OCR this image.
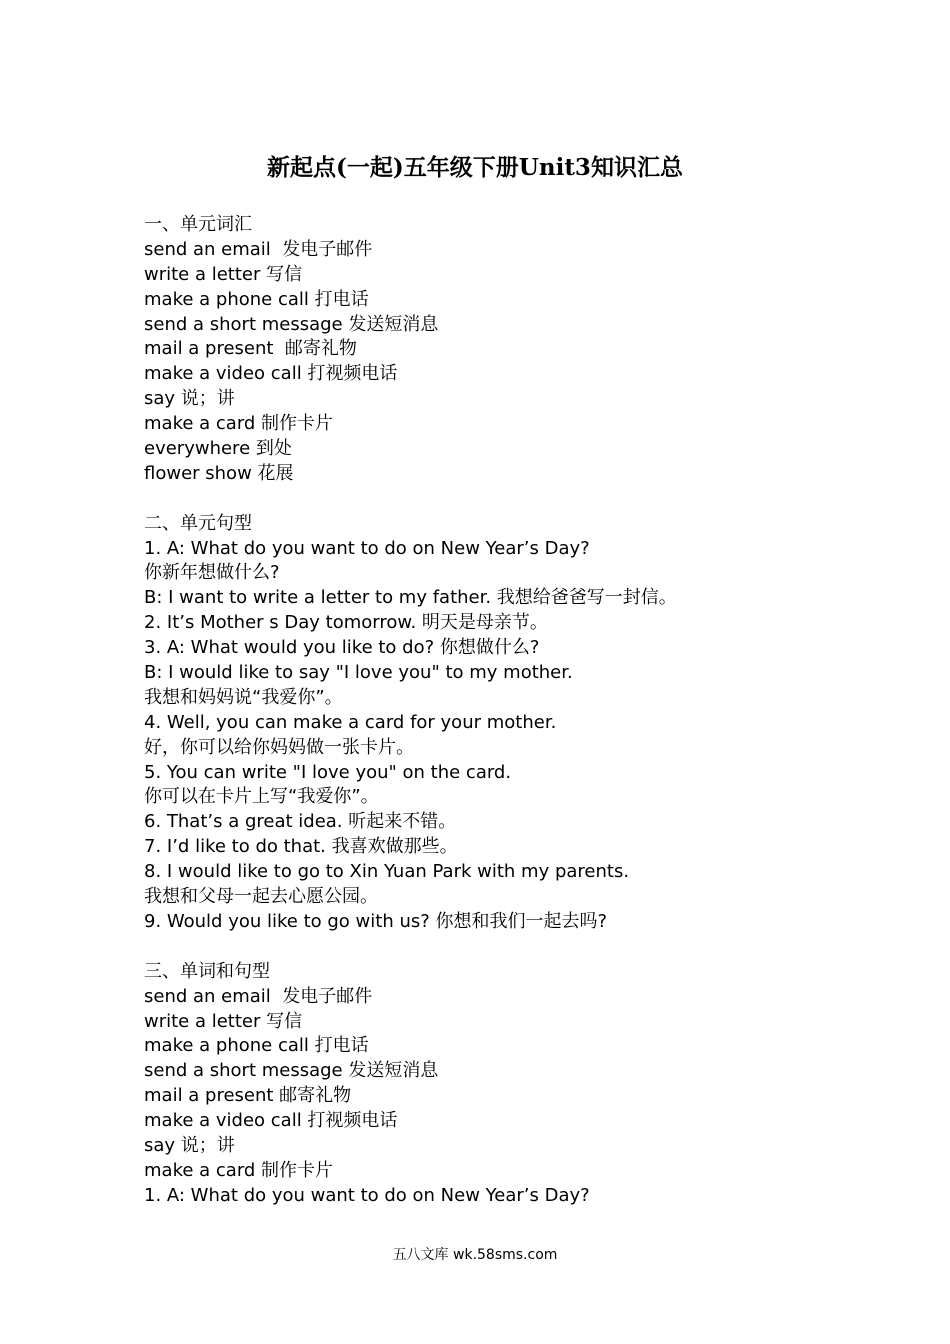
新起点(一起)五年级下册Unit3知识汇总
一、单元词汇
send an email  发电子邮件
write a letter 写信
make a phone call 打电话
send a short message 发送短消息
mail a present  邮寄礼物
make a video call 打视频电话
say 说；讲
make a card 制作卡片
everywhere 到处
flower show 花展
二、单元句型
1. A: What do you want to do on New Year’s Day?
你新年想做什么?
B: I want to write a letter to my father. 我想给爸爸写一封信。
2. It’s Mother s Day tomorrow. 明天是母亲节。
3. A: What would you like to do? 你想做什么?
B: I would like to say "I love you" to my mother.
我想和妈妈说“我爱你”。
4. Well, you can make a card for your mother.
好，你可以给你妈妈做一张卡片。
5. You can write "I love you" on the card.
你可以在卡片上写“我爱你”。
6. That’s a great idea. 听起来不错。
7. I’d like to do that. 我喜欢做那些。
8. I would like to go to Xin Yuan Park with my parents.
我想和父母一起去心愿公园。
9. Would you like to go with us? 你想和我们一起去吗?
三、单词和句型
send an email  发电子邮件
write a letter 写信
make a phone call 打电话
send a short message 发送短消息
mail a present 邮寄礼物
make a video call 打视频电话
say 说；讲
make a card 制作卡片
1. A: What do you want to do on New Year’s Day?
五八文库 wk.58sms.com
